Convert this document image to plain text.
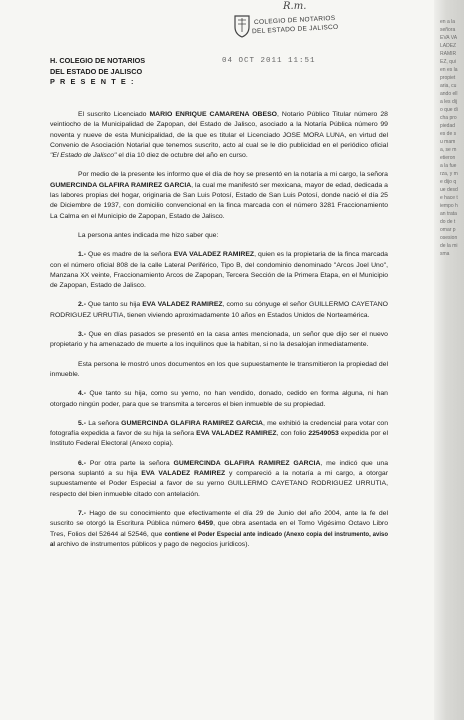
en a la señora EVA VALADEZ RAMIREZ, quien es la propietaria, cuando ella les dijo que dicha propiedad es de su mama, se metieron a la fuerza, y me dijo que desde hace tiempo han tratado de tomar posesion de la misma
R.m.
COLEGIO DE NOTARIOS
DEL ESTADO DE JALISCO
04 OCT 2011 11:51
H. COLEGIO DE NOTARIOS
DEL ESTADO DE JALISCO
P R E S E N T E :

El suscrito Licenciado MARIO ENRIQUE CAMARENA OBESO, Notario Público Titular número 28 veintiocho de la Municipalidad de Zapopan, del Estado de Jalisco, asociado a la Notaría Pública número 99 noventa y nueve de esta Municipalidad, de la que es titular el Licenciado JOSE MORA LUNA, en virtud del Convenio de Asociación Notarial que tenemos suscrito, acto al cual se le dio publicidad en el periódico oficial "El Estado de Jalisco" el día 10 diez de octubre del año en curso.

Por medio de la presente les informo que el día de hoy se presentó en la notaría a mi cargo, la señora GUMERCINDA GLAFIRA RAMIREZ GARCIA, la cual me manifestó ser mexicana, mayor de edad, dedicada a las labores propias del hogar, originaria de San Luis Potosí, Estado de San Luis Potosí, donde nació el día 25 de Diciembre de 1937, con domicilio convencional en la finca marcada con el número 3281 Fraccionamiento La Calma en el Municipio de Zapopan, Estado de Jalisco.

La persona antes indicada me hizo saber que:

1.- Que es madre de la señora EVA VALADEZ RAMIREZ, quien es la propietaria de la finca marcada con el número oficial 808 de la calle Lateral Periférico, Tipo B, del condominio denominado "Arcos Joel Uno", Manzana XX veinte, Fraccionamiento Arcos de Zapopan, Tercera Sección de la Primera Etapa, en el Municipio de Zapopan, Estado de Jalisco.

2.- Que tanto su hija EVA VALADEZ RAMIREZ, como su cónyuge el señor GUILLERMO CAYETANO RODRIGUEZ URRUTIA, tienen viviendo aproximadamente 10 años en Estados Unidos de Norteamérica.

3.- Que en días pasados se presentó en la casa antes mencionada, un señor que dijo ser el nuevo propietario y ha amenazado de muerte a los inquilinos que la habitan, si no la desalojan inmediatamente.

Esta persona le mostró unos documentos en los que supuestamente le transmitieron la propiedad del inmueble.

4.- Que tanto su hija, como su yerno, no han vendido, donado, cedido en forma alguna, ni han otorgado ningún poder, para que se transmita a terceros el bien inmueble de su propiedad.

5.- La señora GUMERCINDA GLAFIRA RAMIREZ GARCIA, me exhibió la credencial para votar con fotografía expedida a favor de su hija la señora EVA VALADEZ RAMIREZ, con folio 22549053 expedida por el Instituto Federal Electoral (Anexo copia).

6.- Por otra parte la señora GUMERCINDA GLAFIRA RAMIREZ GARCIA, me indicó que una persona suplantó a su hija EVA VALADEZ RAMIREZ y compareció a la notaría a mi cargo, a otorgar supuestamente el Poder Especial a favor de su yerno GUILLERMO CAYETANO RODRIGUEZ URRUTIA, respecto del bien inmueble citado con antelación.

7.- Hago de su conocimiento que efectivamente el día 29 de Junio del año 2004, ante la fe del suscrito se otorgó la Escritura Pública número 6459, que obra asentada en el Tomo Vigésimo Octavo Libro Tres, Folios del 52644 al 52546, que contiene el Poder Especial ante indicado (Anexo copia del instrumento, aviso al archivo de instrumentos públicos y pago de negocios jurídicos).
